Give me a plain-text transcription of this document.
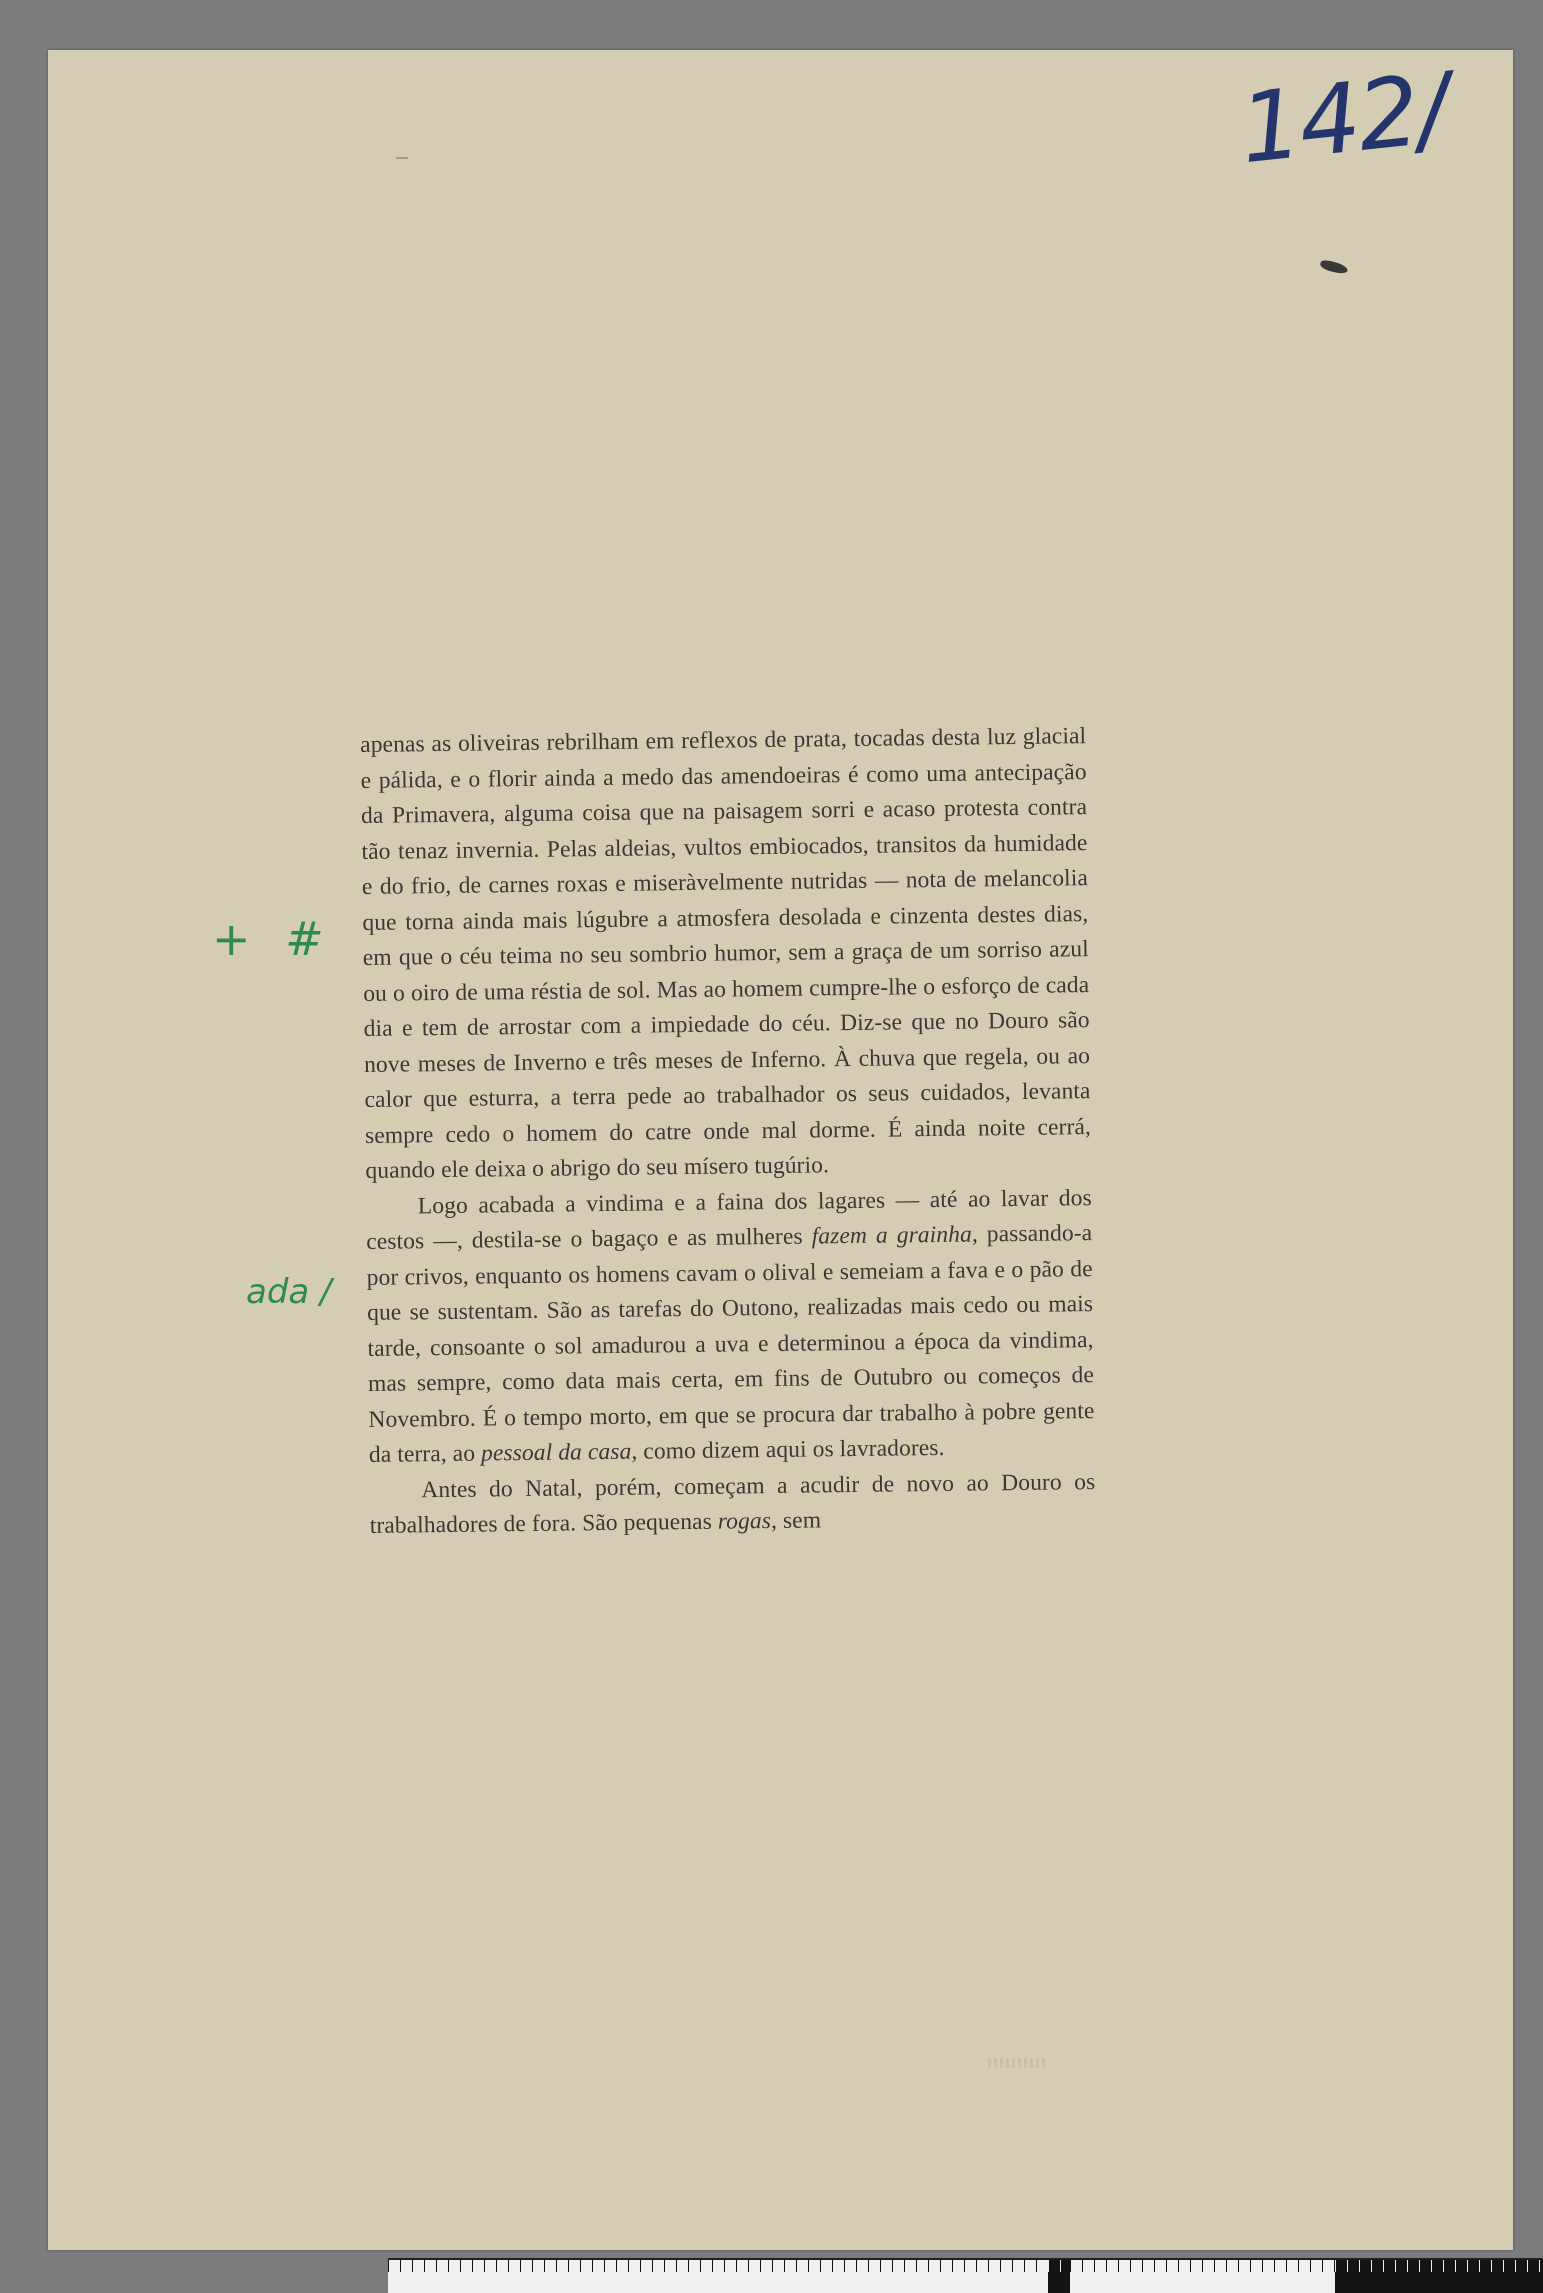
142/
+ #
ada /

apenas as oliveiras rebrilham em reflexos de prata, tocadas desta luz glacial e pálida, e o florir ainda a medo das amendoeiras é como uma antecipação da Primavera, alguma coisa que na paisagem sorri e acaso protesta contra tão tenaz invernia. Pelas aldeias, vultos embiocados, transitos da humidade e do frio, de carnes roxas e miseràvelmente nutridas — nota de melancolia que torna ainda mais lúgubre a atmosfera desolada e cinzenta destes dias, em que o céu teima no seu sombrio humor, sem a graça de um sorriso azul ou o oiro de uma réstia de sol. Mas ao homem cumpre-lhe o esforço de cada dia e tem de arrostar com a impiedade do céu. Diz-se que no Douro são nove meses de Inverno e três meses de Inferno. À chuva que regela, ou ao calor que esturra, a terra pede ao trabalhador os seus cuidados, levanta sempre cedo o homem do catre onde mal dorme. É ainda noite cerrá, quando ele deixa o abrigo do seu mísero tugúrio.

Logo acabada a vindima e a faina dos lagares — até ao lavar dos cestos —, destila-se o bagaço e as mulheres fazem a grainha, passando-a por crivos, enquanto os homens cavam o olival e semeiam a fava e o pão de que se sustentam. São as tarefas do Outono, realizadas mais cedo ou mais tarde, consoante o sol amadurou a uva e determinou a época da vindima, mas sempre, como data mais certa, em fins de Outubro ou começos de Novembro. É o tempo morto, em que se procura dar trabalho à pobre gente da terra, ao pessoal da casa, como dizem aqui os lavradores.

Antes do Natal, porém, começam a acudir de novo ao Douro os trabalhadores de fora. São pequenas rogas, sem
